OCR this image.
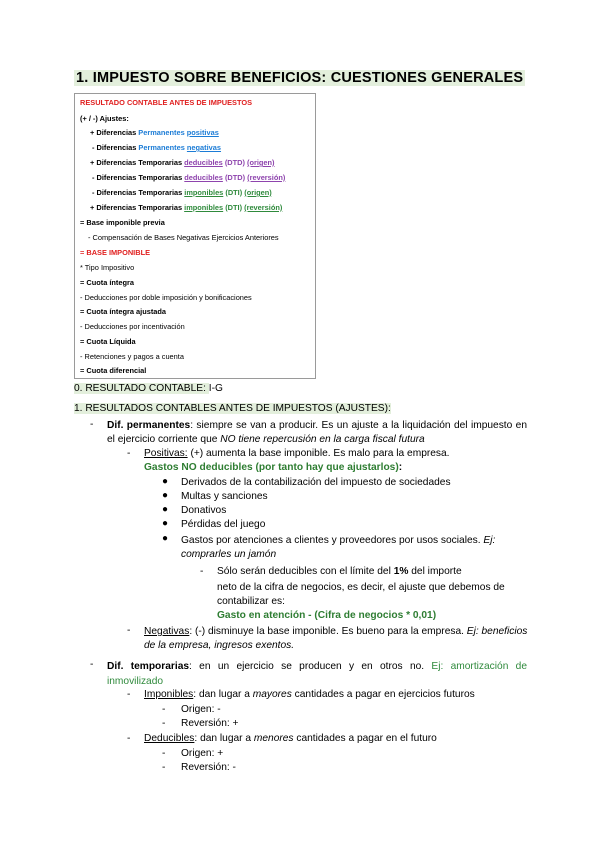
1. IMPUESTO SOBRE BENEFICIOS: CUESTIONES GENERALES
RESULTADO CONTABLE ANTES DE IMPUESTOS
(+ / -) Ajustes:
+ Diferencias Permanentes positivas
- Diferencias Permanentes negativas
+ Diferencias Temporarias deducibles (DTD) (origen)
- Diferencias Temporarias deducibles (DTD) (reversión)
- Diferencias Temporarias imponibles (DTI) (origen)
+ Diferencias Temporarias imponibles (DTI) (reversión)
= Base imponible previa
- Compensación de Bases Negativas Ejercicios Anteriores
= BASE IMPONIBLE
* Tipo Impositivo
= Cuota íntegra
- Deducciones por doble imposición y bonificaciones
= Cuota íntegra ajustada
- Deducciones por incentivación
= Cuota Líquida
- Retenciones y pagos a cuenta
= Cuota diferencial
0. RESULTADO CONTABLE: I-G
1. RESULTADOS CONTABLES ANTES DE IMPUESTOS (AJUSTES):
- Dif. permanentes: siempre se van a producir. Es un ajuste a la liquidación del impuesto en el ejercicio corriente que NO tiene repercusión en la carga fiscal futura
- Positivas: (+) aumenta la base imponible. Es malo para la empresa.
Gastos NO deducibles (por tanto hay que ajustarlos):
● Derivados de la contabilización del impuesto de sociedades
● Multas y sanciones
● Donativos
● Pérdidas del juego
● Gastos por atenciones a clientes y proveedores por usos sociales. Ej: comprarles un jamón
- Sólo serán deducibles con el límite del 1% del importe
neto de la cifra de negocios, es decir, el ajuste que debemos de contabilizar es:
Gasto en atención - (Cifra de negocios * 0,01)
- Negativas: (-) disminuye la base imponible. Es bueno para la empresa. Ej: beneficios de la empresa, ingresos exentos.
- Dif. temporarias: en un ejercicio se producen y en otros no. Ej: amortización de inmovilizado
- Imponibles: dan lugar a mayores cantidades a pagar en ejercicios futuros
- Origen: -
- Reversión: +
- Deducibles: dan lugar a menores cantidades a pagar en el futuro
- Origen: +
- Reversión: -
